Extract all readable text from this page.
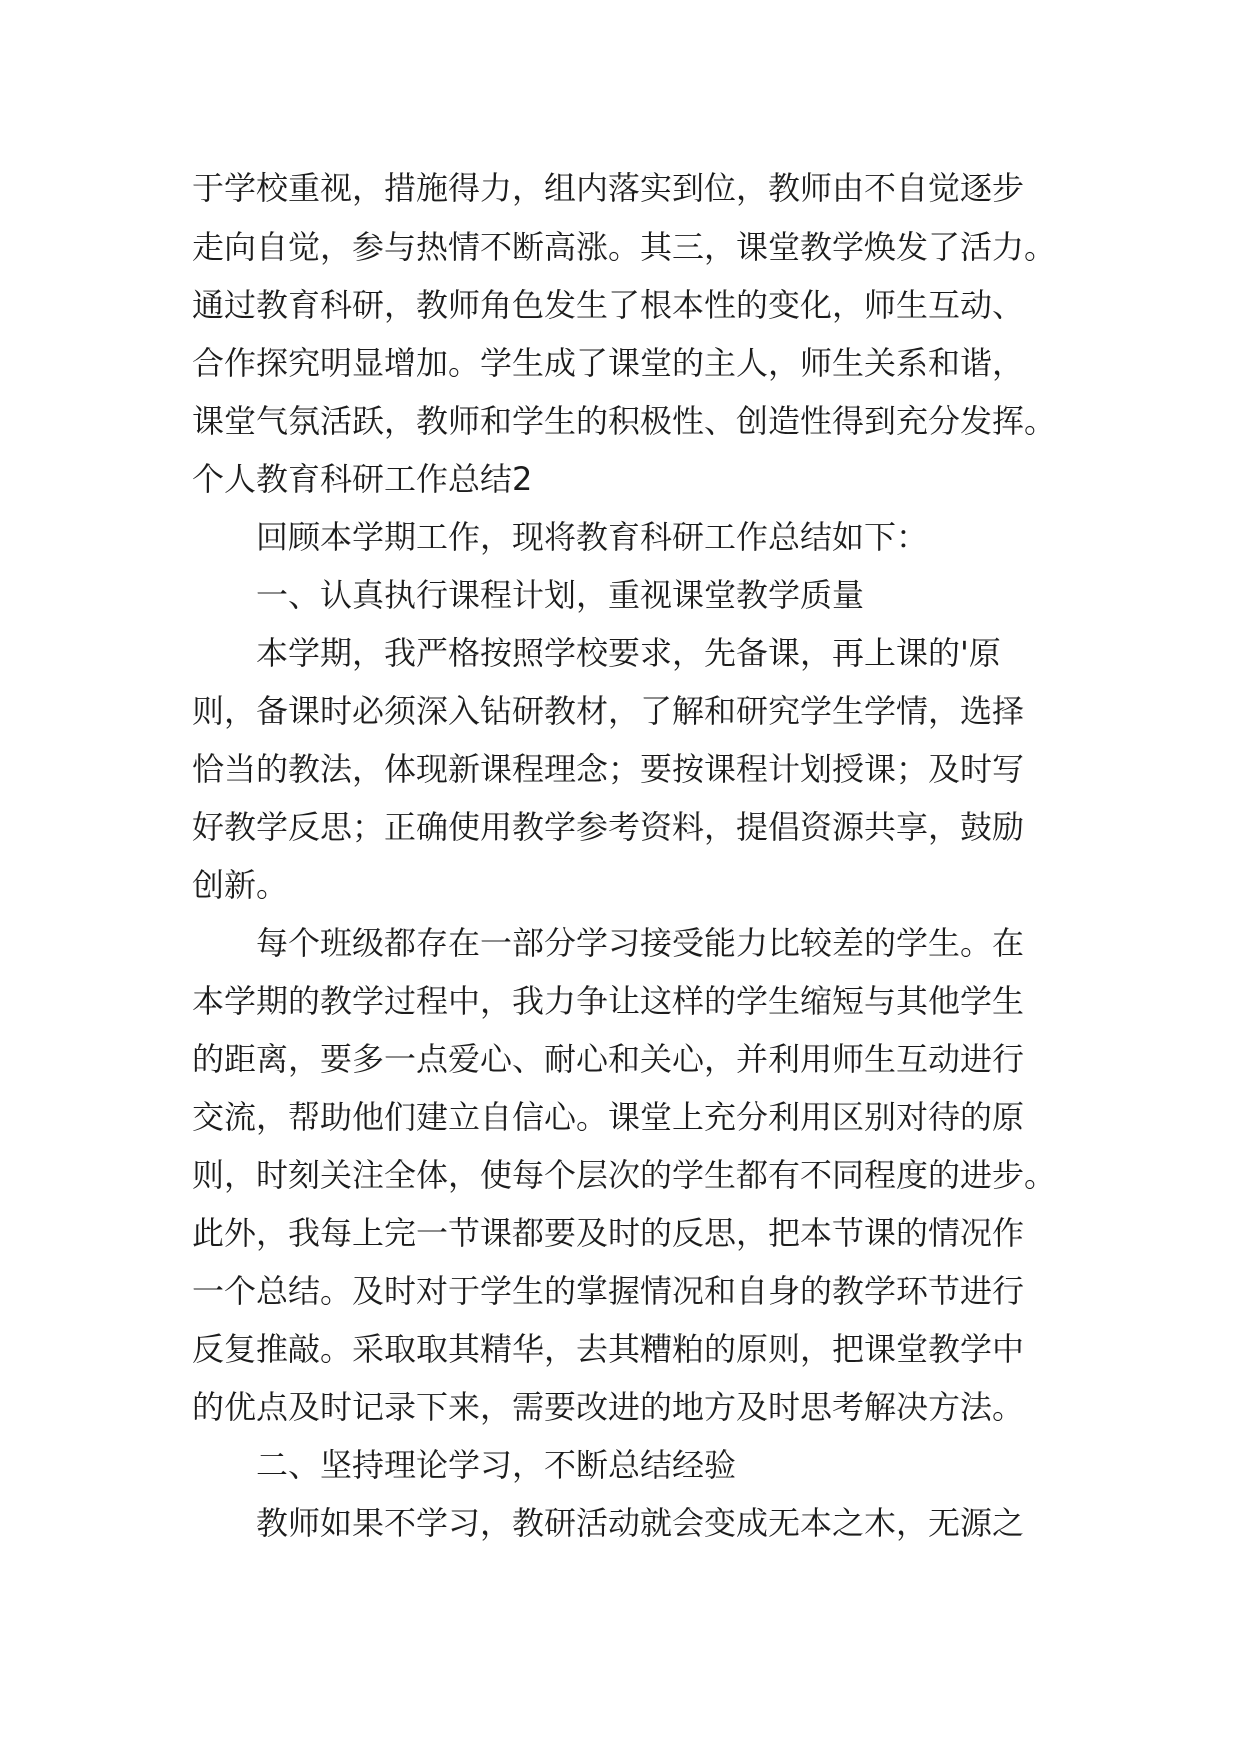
于学校重视，措施得力，组内落实到位，教师由不自觉逐步
走向自觉，参与热情不断高涨。其三，课堂教学焕发了活力。
通过教育科研，教师角色发生了根本性的变化，师生互动、
合作探究明显增加。学生成了课堂的主人，师生关系和谐，
课堂气氛活跃，教师和学生的积极性、创造性得到充分发挥。
个人教育科研工作总结2
回顾本学期工作，现将教育科研工作总结如下：
一、认真执行课程计划，重视课堂教学质量
本学期，我严格按照学校要求，先备课，再上课的'原
则，备课时必须深入钻研教材，了解和研究学生学情，选择
恰当的教法，体现新课程理念；要按课程计划授课；及时写
好教学反思；正确使用教学参考资料，提倡资源共享，鼓励
创新。
每个班级都存在一部分学习接受能力比较差的学生。在
本学期的教学过程中，我力争让这样的学生缩短与其他学生
的距离，要多一点爱心、耐心和关心，并利用师生互动进行
交流，帮助他们建立自信心。课堂上充分利用区别对待的原
则，时刻关注全体，使每个层次的学生都有不同程度的进步。
此外，我每上完一节课都要及时的反思，把本节课的情况作
一个总结。及时对于学生的掌握情况和自身的教学环节进行
反复推敲。采取取其精华，去其糟粕的原则，把课堂教学中
的优点及时记录下来，需要改进的地方及时思考解决方法。
二、坚持理论学习，不断总结经验
教师如果不学习，教研活动就会变成无本之木，无源之
